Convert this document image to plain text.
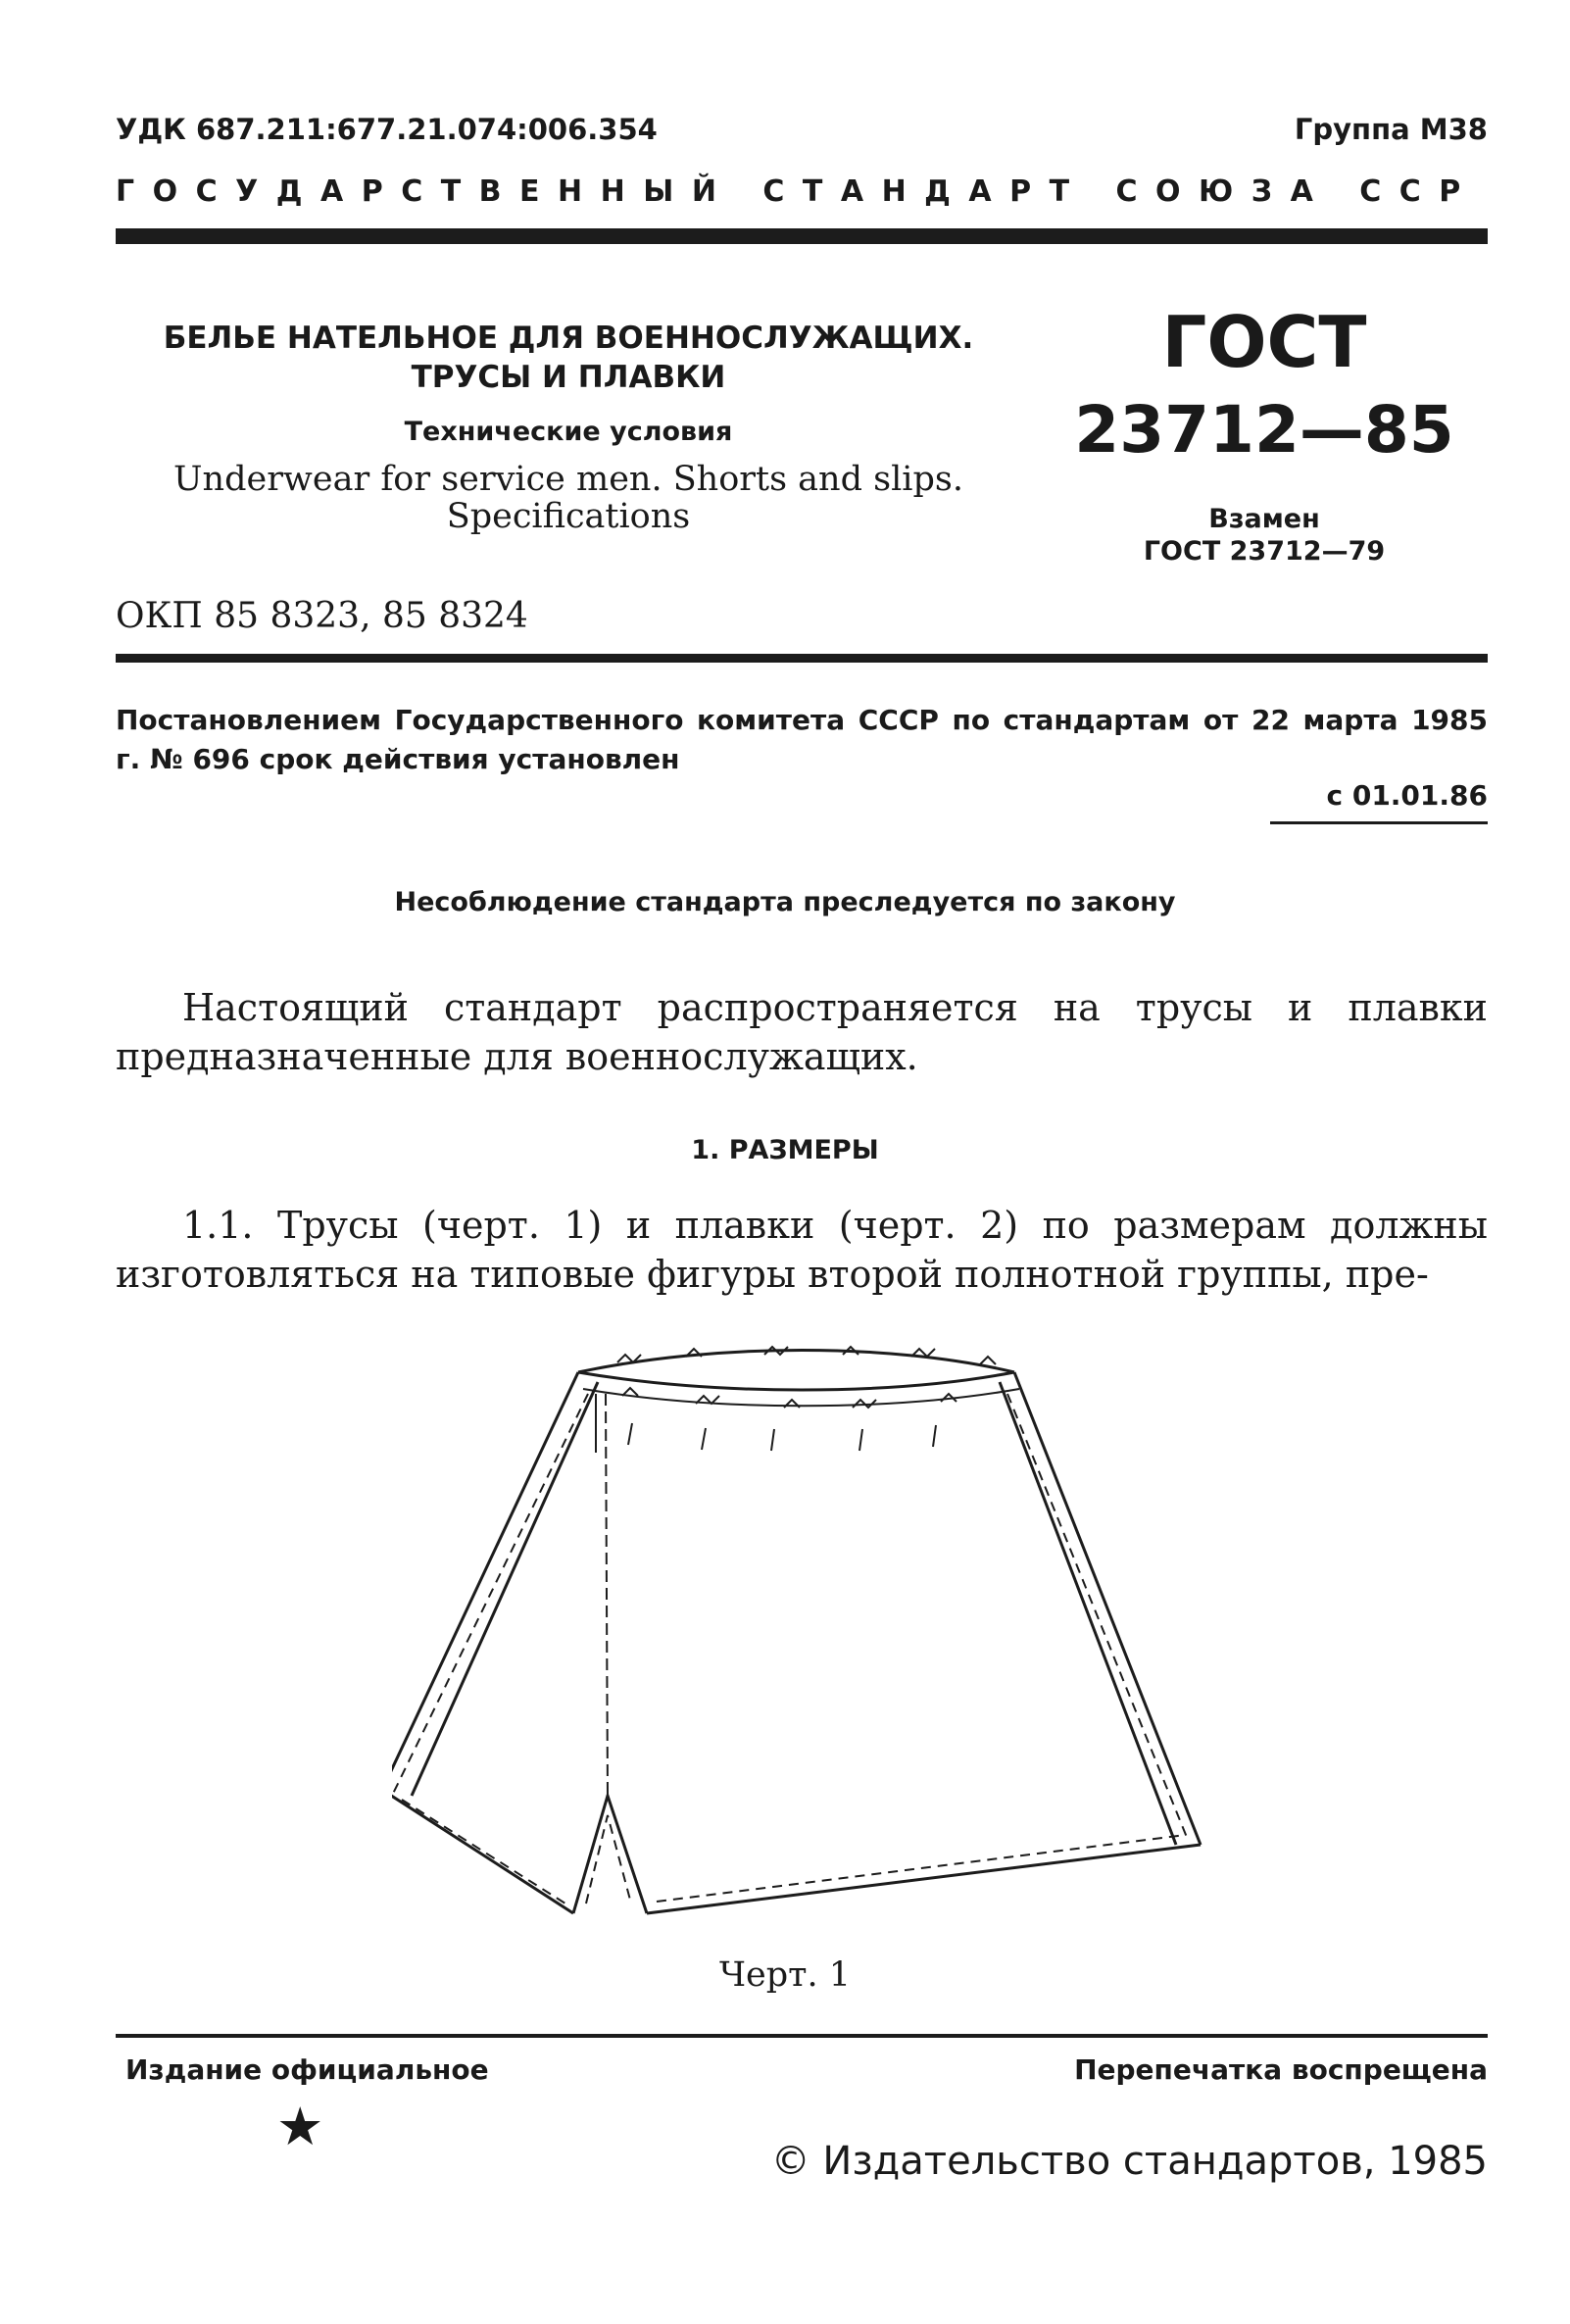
УДК 687.211:677.21.074:006.354	Группа М38
ГОСУДАРСТВЕННЫЙ СТАНДАРТ СОЮЗА ССР
БЕЛЬЕ НАТЕЛЬНОЕ ДЛЯ ВОЕННОСЛУЖАЩИХ.
ТРУСЫ И ПЛАВКИ
Технические условия
Underwear for service men. Shorts and slips.
Specifications
ГОСТ
23712—85
Взамен
ГОСТ 23712—79
ОКП 85 8323, 85 8324
Постановлением Государственного комитета СССР по стандартам от 22 марта 1985 г. № 696 срок действия установлен
с 01.01.86
Несоблюдение стандарта преследуется по закону
Настоящий стандарт распространяется на трусы и плавки предназначенные для военнослужащих.
1. РАЗМЕРЫ
1.1. Трусы (черт. 1) и плавки (черт. 2) по размерам должны изготовляться на типовые фигуры второй полнотной группы, пре-
Черт. 1
Издание официальное	Перепечатка воспрещена
★
© Издательство стандартов, 1985
